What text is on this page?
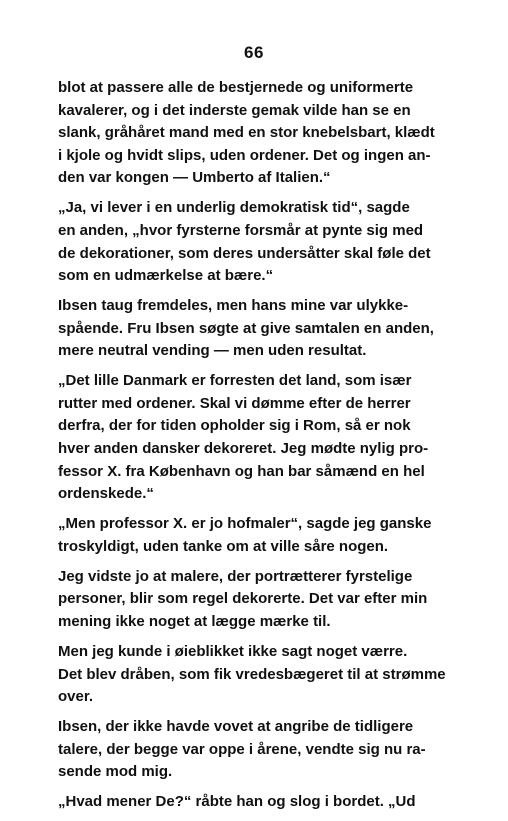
66
blot at passere alle de bestjernede og uniformerte
kavalerer, og i det inderste gemak vilde han se en
slank, gråhåret mand med en stor knebelsbart, klædt
i kjole og hvidt slips, uden ordener. Det og ingen an-
den var kongen — Umberto af Italien.“
„Ja, vi lever i en underlig demokratisk tid“, sagde
en anden, „hvor fyrsterne forsmår at pynte sig med
de dekorationer, som deres undersåtter skal føle det
som en udmærkelse at bære.“
Ibsen taug fremdeles, men hans mine var ulykke-
spående. Fru Ibsen søgte at give samtalen en anden,
mere neutral vending — men uden resultat.
„Det lille Danmark er forresten det land, som især
rutter med ordener. Skal vi dømme efter de herrer
derfra, der for tiden opholder sig i Rom, så er nok
hver anden dansker dekoreret. Jeg mødte nylig pro-
fessor X. fra København og han bar såmænd en hel
ordenskede.“
„Men professor X. er jo hofmaler“, sagde jeg ganske
troskyldigt, uden tanke om at ville såre nogen.
Jeg vidste jo at malere, der portrætterer fyrstelige
personer, blir som regel dekorerte. Det var efter min
mening ikke noget at lægge mærke til.
Men jeg kunde i øieblikket ikke sagt noget værre.
Det blev dråben, som fik vredesbægeret til at strømme
over.
Ibsen, der ikke havde vovet at angribe de tidligere
talere, der begge var oppe i årene, vendte sig nu ra-
sende mod mig.
„Hvad mener De?“ råbte han og slog i bordet. „Ud
